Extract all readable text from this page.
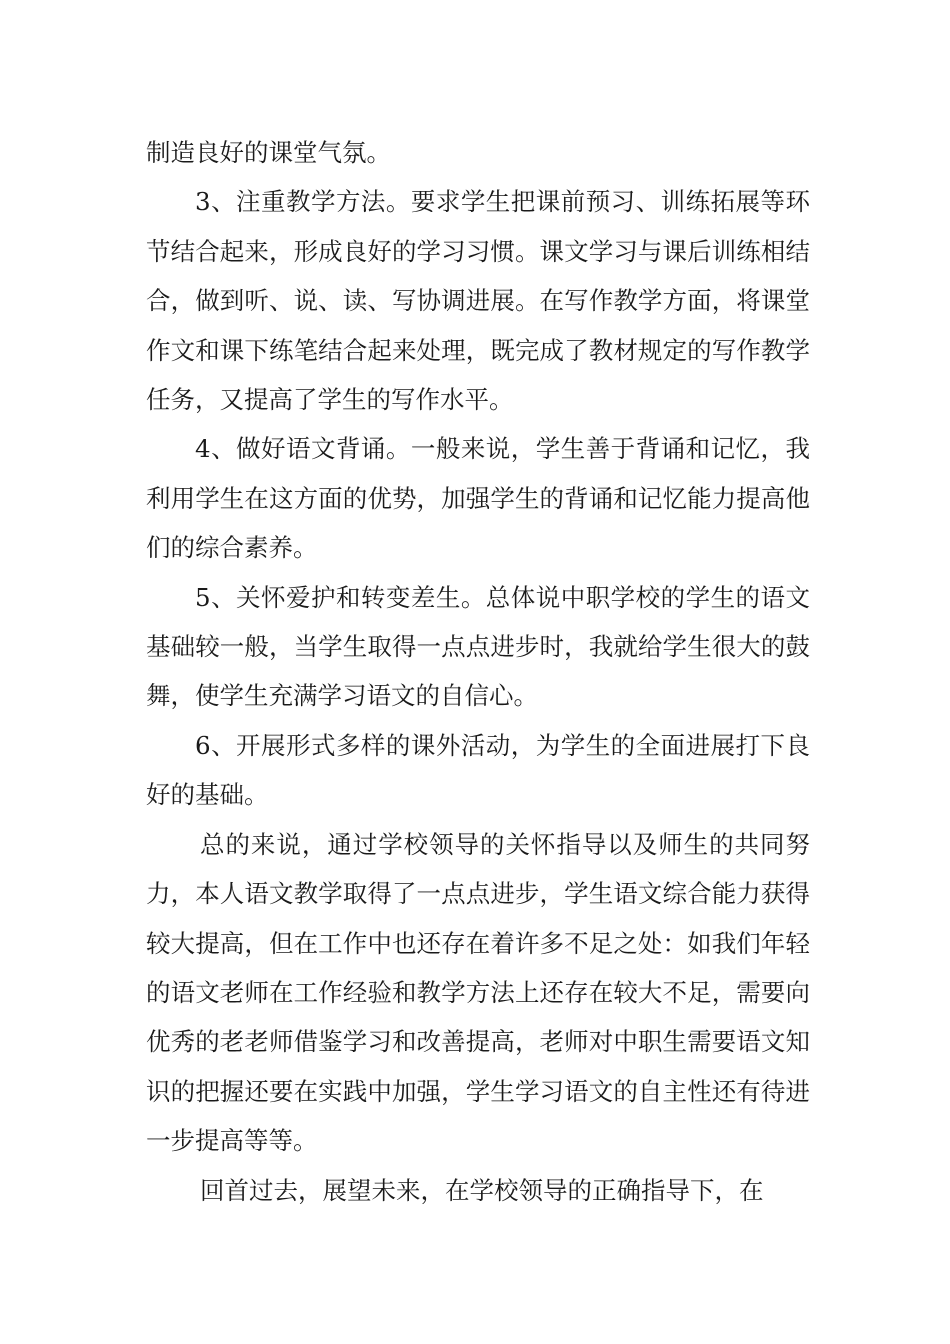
制造良好的课堂气氛。

3、注重教学方法。要求学生把课前预习、训练拓展等环节结合起来，形成良好的学习习惯。课文学习与课后训练相结合，做到听、说、读、写协调进展。在写作教学方面，将课堂作文和课下练笔结合起来处理，既完成了教材规定的写作教学任务，又提高了学生的写作水平。

4、做好语文背诵。一般来说，学生善于背诵和记忆，我利用学生在这方面的优势，加强学生的背诵和记忆能力提高他们的综合素养。

5、关怀爱护和转变差生。总体说中职学校的学生的语文基础较一般，当学生取得一点点进步时，我就给学生很大的鼓舞，使学生充满学习语文的自信心。

6、开展形式多样的课外活动，为学生的全面进展打下良好的基础。

总的来说，通过学校领导的关怀指导以及师生的共同努力，本人语文教学取得了一点点进步，学生语文综合能力获得较大提高，但在工作中也还存在着许多不足之处：如我们年轻的语文老师在工作经验和教学方法上还存在较大不足，需要向优秀的老老师借鉴学习和改善提高，老师对中职生需要语文知识的把握还要在实践中加强，学生学习语文的自主性还有待进一步提高等等。

回首过去，展望未来，在学校领导的正确指导下，在
